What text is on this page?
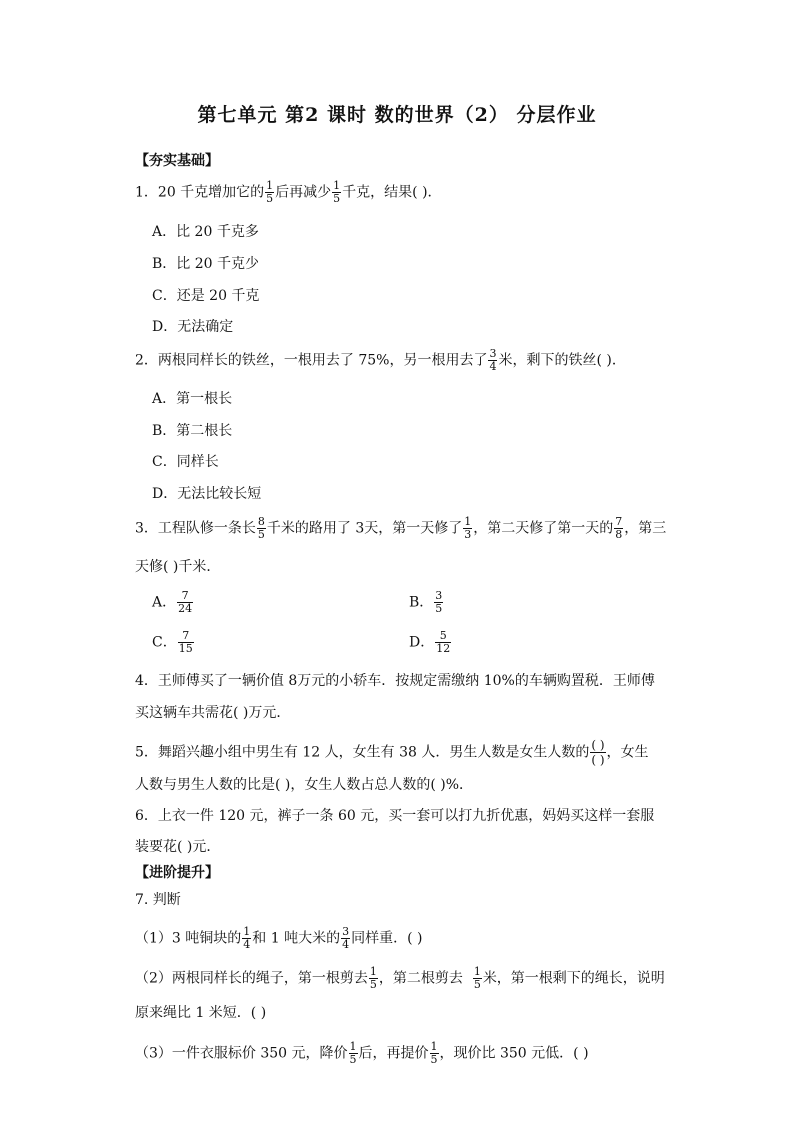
第七单元 第2 课时 数的世界（2） 分层作业
【夯实基础】
1．20 千克增加它的 $\frac{1}{5}$ 后再减少 $\frac{1}{5}$ 千克，结果( )．
A．比 20 千克多
B．比 20 千克少
C．还是 20 千克
D．无法确定
2．两根同样长的铁丝，一根用去了 75%，另一根用去了 $\frac{3}{4}$ 米，剩下的铁丝( )．
A．第一根长
B．第二根长
C．同样长
D．无法比较长短
3．工程队修一条长 $\frac{8}{5}$ 千米的路用了 3天，第一天修了 $\frac{1}{3}$ ，第二天修了第一天的 $\frac{7}{8}$ ，第三
天修( )千米．
A． $\frac{7}{24}$	B． $\frac{3}{5}$
C． $\frac{7}{15}$	D． $\frac{5}{12}$
4．王师傅买了一辆价值 8万元的小轿车．按规定需缴纳 10%的车辆购置税．王师傅
买这辆车共需花( )万元．
5．舞蹈兴趣小组中男生有 12 人，女生有 38 人．男生人数是女生人数的 $\frac{( )}{( )}$ ，女生
人数与男生人数的比是( )，女生人数占总人数的( )%．
6．上衣一件 120 元，裤子一条 60 元，买一套可以打九折优惠，妈妈买这样一套服
装要花( )元．
【进阶提升】
7. 判断
（1）3 吨铜块的 $\frac{1}{4}$ 和 1 吨大米的 $\frac{3}{4}$ 同样重．( )
（2）两根同样长的绳子，第一根剪去 $\frac{1}{5}$ ，第二根剪去 $\frac{1}{5}$ 米，第一根剩下的绳长，说明
原来绳比 1 米短．( )
（3）一件衣服标价 350 元，降价 $\frac{1}{5}$ 后，再提价 $\frac{1}{5}$ ，现价比 350 元低．( )
